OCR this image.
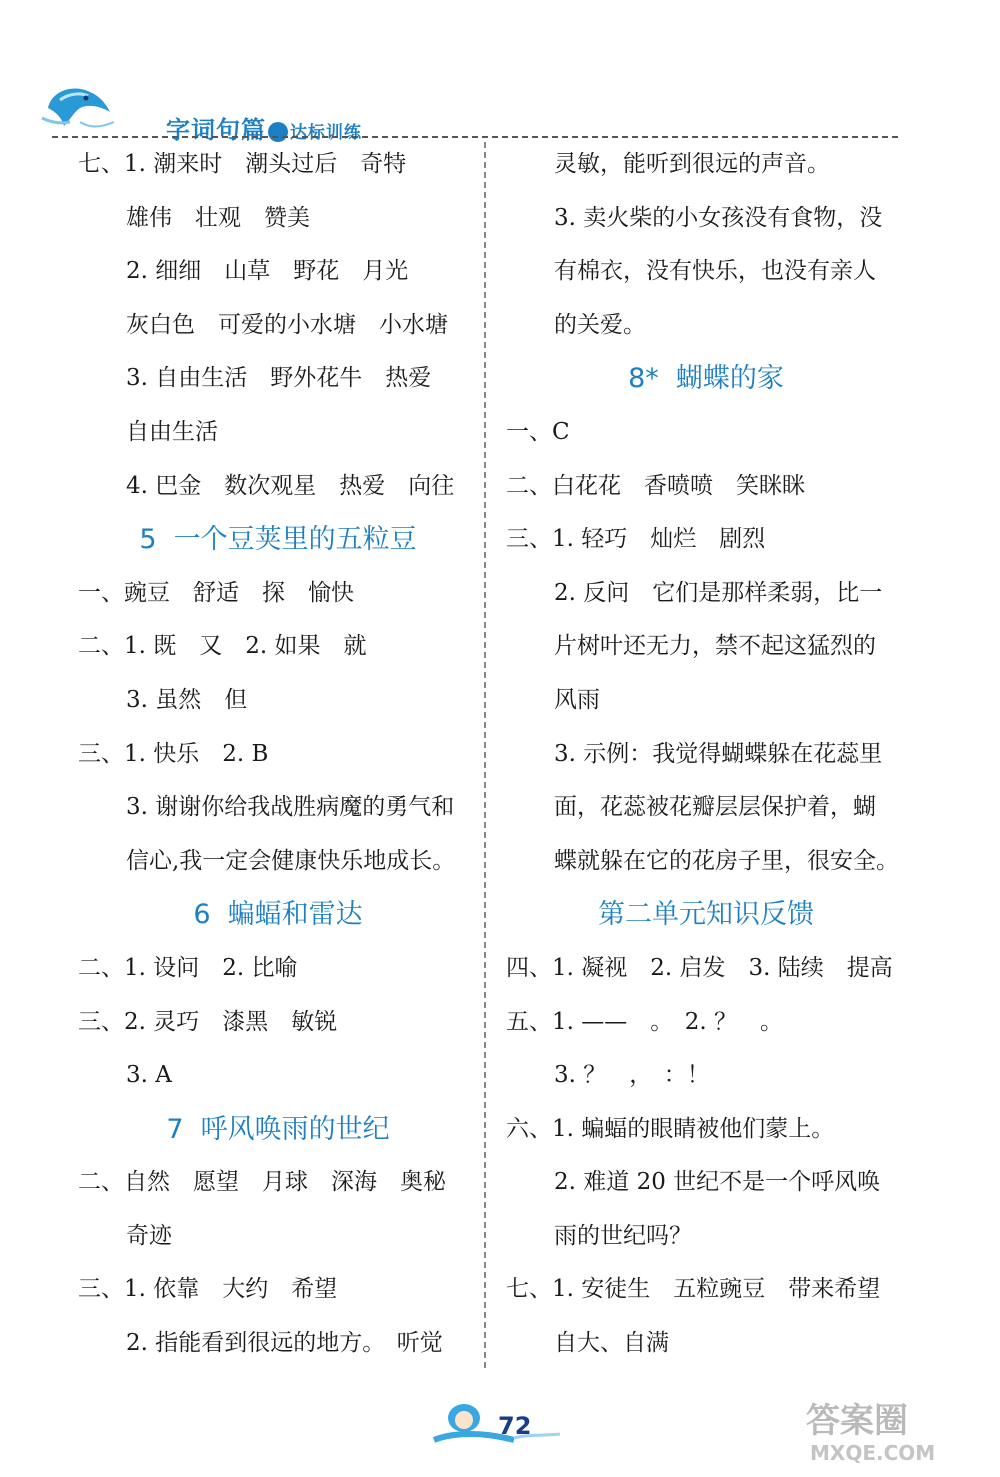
字词句篇 达标训练
七、1. 潮来时　潮头过后　奇特
雄伟　壮观　赞美
2. 细细　山草　野花　月光
灰白色　可爱的小水塘　小水塘
3. 自由生活　野外花牛　热爱
自由生活
4. 巴金　数次观星　热爱　向往
5  一个豆荚里的五粒豆
一、豌豆　舒适　探　愉快
二、1. 既　又　2. 如果　就
3. 虽然　但
三、1. 快乐　2. B
3. 谢谢你给我战胜病魔的勇气和
信心,我一定会健康快乐地成长。
6  蝙蝠和雷达
二、1. 设问　2. 比喻
三、2. 灵巧　漆黑　敏锐
3. A
7  呼风唤雨的世纪
二、自然　愿望　月球　深海　奥秘
奇迹
三、1. 依靠　大约　希望
2. 指能看到很远的地方。　听觉
灵敏，能听到很远的声音。
3. 卖火柴的小女孩没有食物，没
有棉衣，没有快乐，也没有亲人
的关爱。
8*  蝴蝶的家
一、C
二、白花花　香喷喷　笑眯眯
三、1. 轻巧　灿烂　剧烈
2. 反问　它们是那样柔弱，比一
片树叶还无力，禁不起这猛烈的
风雨
3. 示例：我觉得蝴蝶躲在花蕊里
面，花蕊被花瓣层层保护着，蝴
蝶就躲在它的花房子里，很安全。
第二单元知识反馈
四、1. 凝视　2. 启发　3. 陆续　提高
五、1. ——　。　2. ？　。
3. ？　，　：！
六、1. 蝙蝠的眼睛被他们蒙上。
2. 难道 20 世纪不是一个呼风唤
雨的世纪吗？
七、1. 安徒生　五粒豌豆　带来希望
自大、自满
72	答案圈
MXQE.COM
